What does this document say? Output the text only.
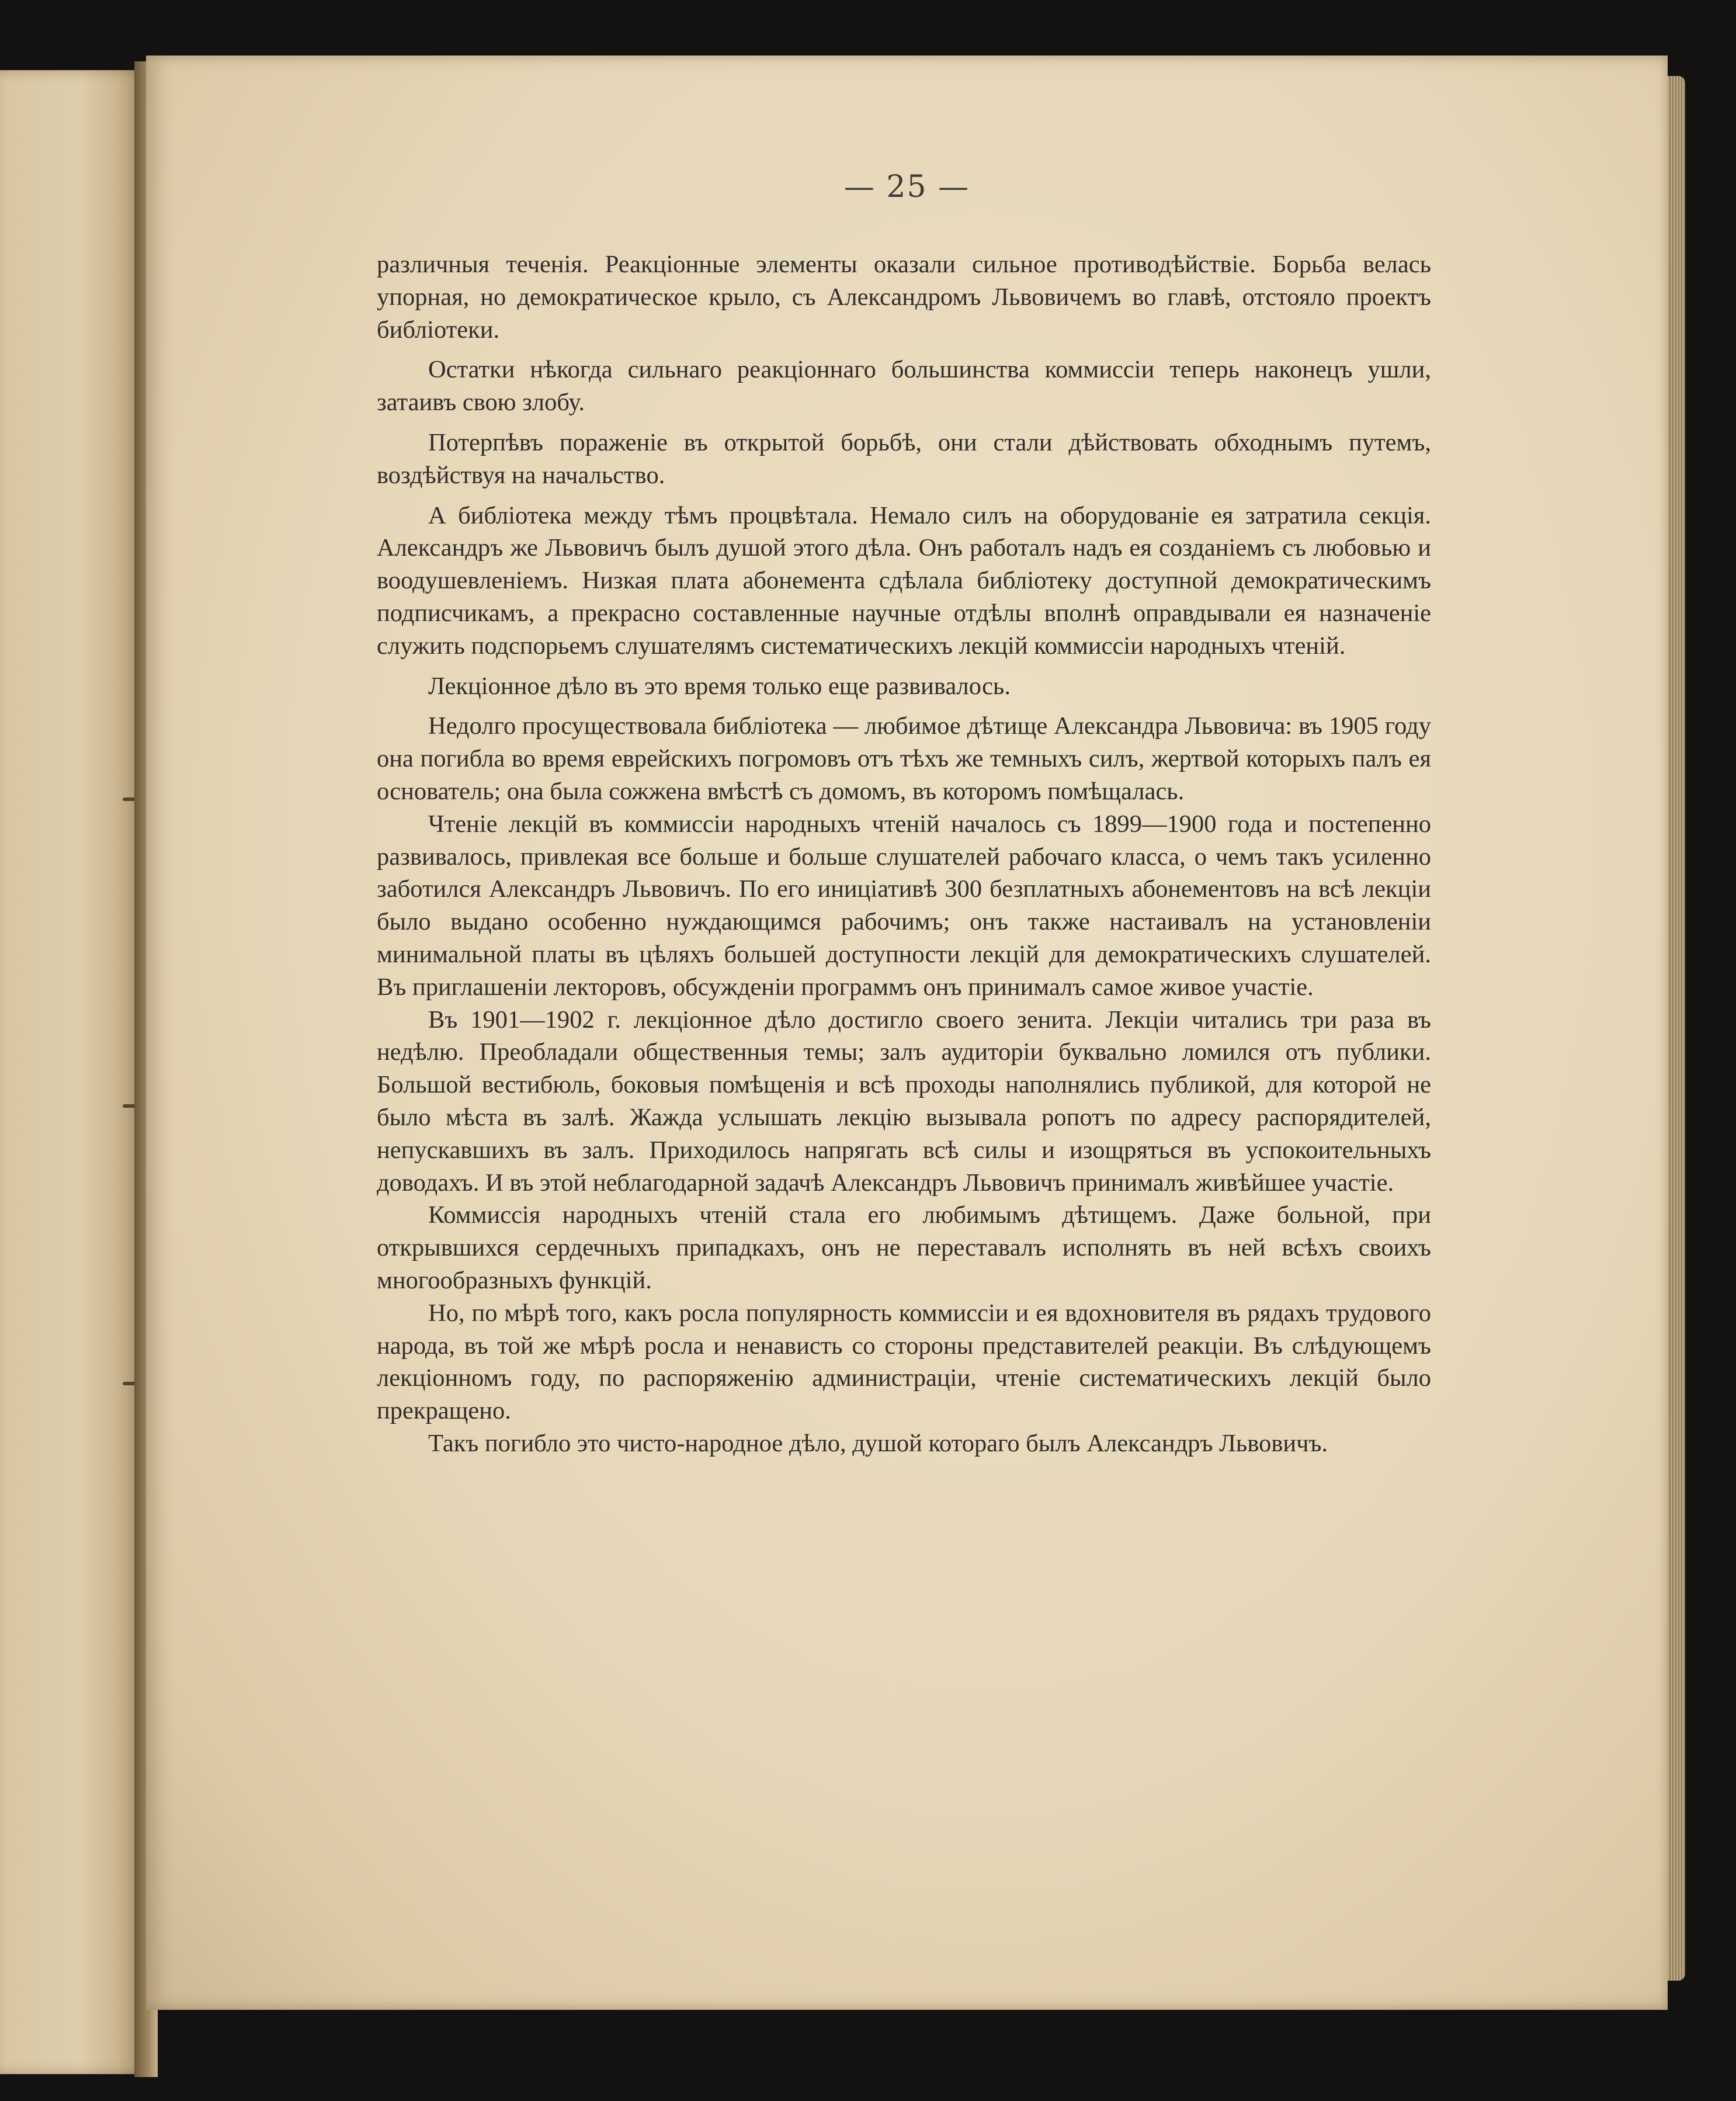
— 25 —

различныя теченія. Реакціонные элементы оказали сильное противодѣйствіе. Борьба велась упорная, но демократическое крыло, съ Александромъ Львовичемъ во главѣ, отстояло проектъ библіотеки.

Остатки нѣкогда сильнаго реакціоннаго большинства коммиссіи теперь наконецъ ушли, затаивъ свою злобу.

Потерпѣвъ пораженіе въ открытой борьбѣ, они стали дѣйствовать обходнымъ путемъ, воздѣйствуя на начальство.

А библіотека между тѣмъ процвѣтала. Немало силъ на оборудованіе ея затратила секція. Александръ же Львовичъ былъ душой этого дѣла. Онъ работалъ надъ ея созданіемъ съ любовью и воодушевленіемъ. Низкая плата абонемента сдѣлала библіотеку доступной демократическимъ подписчикамъ, а прекрасно составленные научные отдѣлы вполнѣ оправдывали ея назначеніе служить подспорьемъ слушателямъ систематическихъ лекцій коммиссіи народныхъ чтеній.

Лекціонное дѣло въ это время только еще развивалось.

Недолго просуществовала библіотека — любимое дѣтище Александра Львовича: въ 1905 году она погибла во время еврейскихъ погромовъ отъ тѣхъ же темныхъ силъ, жертвой которыхъ палъ ея основатель; она была сожжена вмѣстѣ съ домомъ, въ которомъ помѣщалась.

Чтеніе лекцій въ коммиссіи народныхъ чтеній началось съ 1899—1900 года и постепенно развивалось, привлекая все больше и больше слушателей рабочаго класса, о чемъ такъ усиленно заботился Александръ Львовичъ. По его иниціативѣ 300 безплатныхъ абонементовъ на всѣ лекціи было выдано особенно нуждающимся рабочимъ; онъ также настаивалъ на установленіи минимальной платы въ цѣляхъ большей доступности лекцій для демократическихъ слушателей. Въ приглашеніи лекторовъ, обсужденіи программъ онъ принималъ самое живое участіе.

Въ 1901—1902 г. лекціонное дѣло достигло своего зенита. Лекціи читались три раза въ недѣлю. Преобладали общественныя темы; залъ аудиторіи буквально ломился отъ публики. Большой вестибюль, боковыя помѣщенія и всѣ проходы наполнялись публикой, для которой не было мѣста въ залѣ. Жажда услышать лекцію вызывала ропотъ по адресу распорядителей, непускавшихъ въ залъ. Приходилось напрягать всѣ силы и изощряться въ успокоительныхъ доводахъ. И въ этой неблагодарной задачѣ Александръ Львовичъ принималъ живѣйшее участіе.

Коммиссія народныхъ чтеній стала его любимымъ дѣтищемъ. Даже больной, при открывшихся сердечныхъ припадкахъ, онъ не переставалъ исполнять въ ней всѣхъ своихъ многообразныхъ функцій.

Но, по мѣрѣ того, какъ росла популярность коммиссіи и ея вдохновителя въ рядахъ трудового народа, въ той же мѣрѣ росла и ненависть со стороны представителей реакціи. Въ слѣдующемъ лекціонномъ году, по распоряженію администраціи, чтеніе систематическихъ лекцій было прекращено.

Такъ погибло это чисто-народное дѣло, душой котораго былъ Александръ Львовичъ.
